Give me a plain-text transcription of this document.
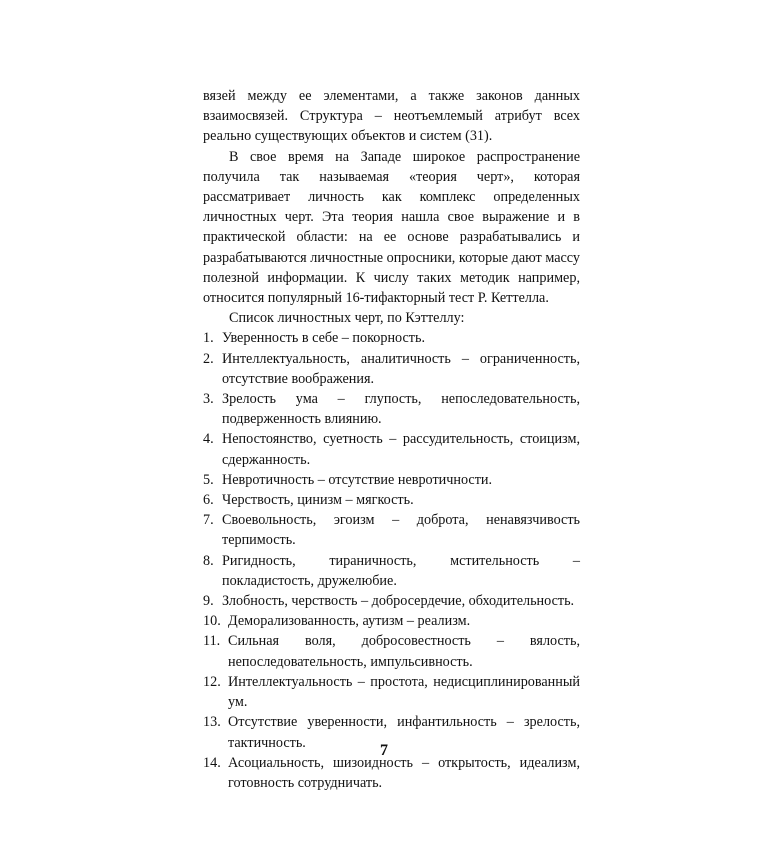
вязей между ее элементами, а также законов данных взаимосвязей. Структура – неотъемлемый атрибут всех реально существующих объектов и систем (31).

В свое время на Западе широкое распространение получила так называемая «теория черт», которая рассматривает личность как комплекс определенных личностных черт. Эта теория нашла свое выражение и в практической области: на ее основе разрабатывались и разрабатываются личностные опросники, которые дают массу полезной информации. К числу таких методик например, относится популярный 16-тифакторный тест Р. Кеттелла.

Список личностных черт, по Кэттеллу:

1. Уверенность в себе – покорность.
2. Интеллектуальность, аналитичность – ограниченность, отсутствие воображения.
3. Зрелость ума – глупость, непоследовательность, подверженность влиянию.
4. Непостоянство, суетность – рассудительность, стоицизм, сдержанность.
5. Невротичность – отсутствие невротичности.
6. Черствость, цинизм – мягкость.
7. Своевольность, эгоизм – доброта, ненавязчивость терпимость.
8. Ригидность, тираничность, мстительность – покладистость, дружелюбие.
9. Злобность, черствость – добросердечие, обходительность.
10. Деморализованность, аутизм – реализм.
11. Сильная воля, добросовестность – вялость, непоследовательность, импульсивность.
12. Интеллектуальность – простота, недисциплинированный ум.
13. Отсутствие уверенности, инфантильность – зрелость, тактичность.
14. Асоциальность, шизоидность – открытость, идеализм, готовность сотрудничать.
7
